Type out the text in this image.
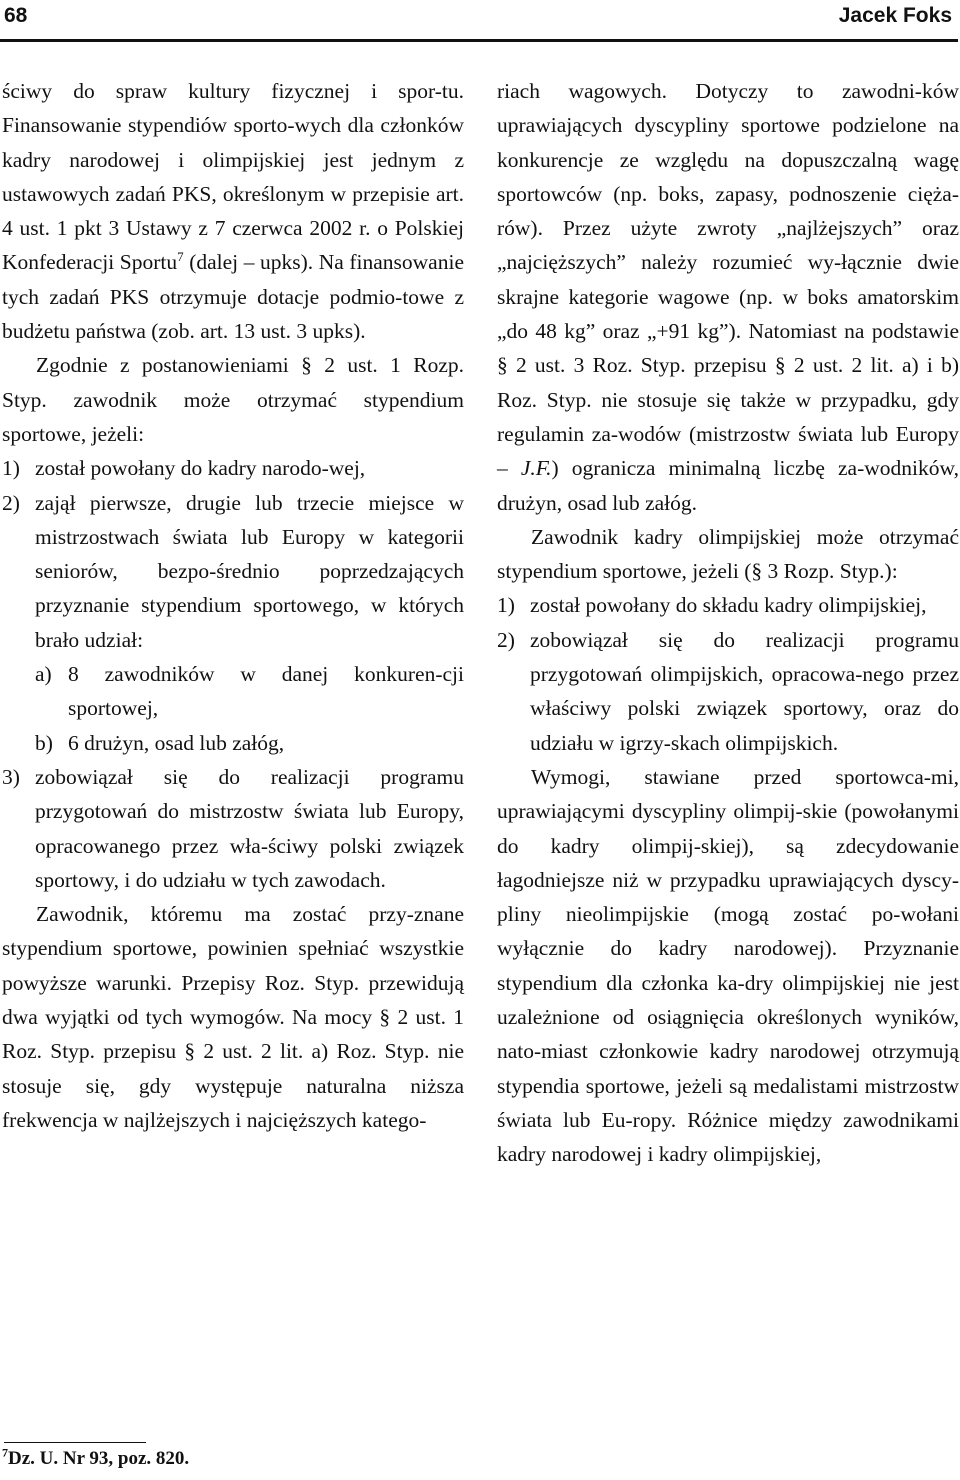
68	Jacek Foks

ściwy do spraw kultury fizycznej i spor-tu. Finansowanie stypendiów sporto-wych dla członków kadry narodowej i olimpijskiej jest jednym z ustawowych zadań PKS, określonym w przepisie art. 4 ust. 1 pkt 3 Ustawy z 7 czerwca 2002 r. o Polskiej Konfederacji Sportu$^7$ (dalej – upks). Na finansowanie tych zadań PKS otrzymuje dotacje podmio-towe z budżetu państwa (zob. art. 13 ust. 3 upks).

Zgodnie z postanowieniami § 2 ust. 1 Rozp. Styp. zawodnik może otrzymać stypendium sportowe, jeżeli:

1) został powołany do kadry narodo-wej,
2) zajął pierwsze, drugie lub trzecie miejsce w mistrzostwach świata lub Europy w kategorii seniorów, bezpo-średnio poprzedzających przyznanie stypendium sportowego, w których brało udział:
a) 8 zawodników w danej konkuren-cji sportowej,
b) 6 drużyn, osad lub załóg,
3) zobowiązał się do realizacji programu przygotowań do mistrzostw świata lub Europy, opracowanego przez wła-ściwy polski związek sportowy, i do udziału w tych zawodach.

Zawodnik, któremu ma zostać przy-znane stypendium sportowe, powinien spełniać wszystkie powyższe warunki. Przepisy Roz. Styp. przewidują dwa wyjątki od tych wymogów. Na mocy § 2 ust. 1 Roz. Styp. przepisu § 2 ust. 2 lit. a) Roz. Styp. nie stosuje się, gdy występuje naturalna niższa frekwencja w najlżejszych i najcięższych katego-

$^7$Dz. U. Nr 93, poz. 820.

riach wagowych. Dotyczy to zawodni-ków uprawiających dyscypliny sportowe podzielone na konkurencje ze względu na dopuszczalną wagę sportowców (np. boks, zapasy, podnoszenie cięża-rów). Przez użyte zwroty „najlżejszych” oraz „najcięższych” należy rozumieć wy-łącznie dwie skrajne kategorie wagowe (np. w boks amatorskim „do 48 kg” oraz „+91 kg”). Natomiast na podstawie § 2 ust. 3 Roz. Styp. przepisu § 2 ust. 2 lit. a) i b) Roz. Styp. nie stosuje się także w przypadku, gdy regulamin za-wodów (mistrzostw świata lub Europy – J.F.) ogranicza minimalną liczbę za-wodników, drużyn, osad lub załóg.

Zawodnik kadry olimpijskiej może otrzymać stypendium sportowe, jeżeli (§ 3 Rozp. Styp.):

1) został powołany do składu kadry olimpijskiej,
2) zobowiązał się do realizacji programu przygotowań olimpijskich, opracowa-nego przez właściwy polski związek sportowy, oraz do udziału w igrzy-skach olimpijskich.

Wymogi, stawiane przed sportowca-mi, uprawiającymi dyscypliny olimpij-skie (powołanymi do kadry olimpij-skiej), są zdecydowanie łagodniejsze niż w przypadku uprawiających dyscy-pliny nieolimpijskie (mogą zostać po-wołani wyłącznie do kadry narodowej). Przyznanie stypendium dla członka ka-dry olimpijskiej nie jest uzależnione od osiągnięcia określonych wyników, nato-miast członkowie kadry narodowej otrzymują stypendia sportowe, jeżeli są medalistami mistrzostw świata lub Eu-ropy. Różnice między zawodnikami kadry narodowej i kadry olimpijskiej,
